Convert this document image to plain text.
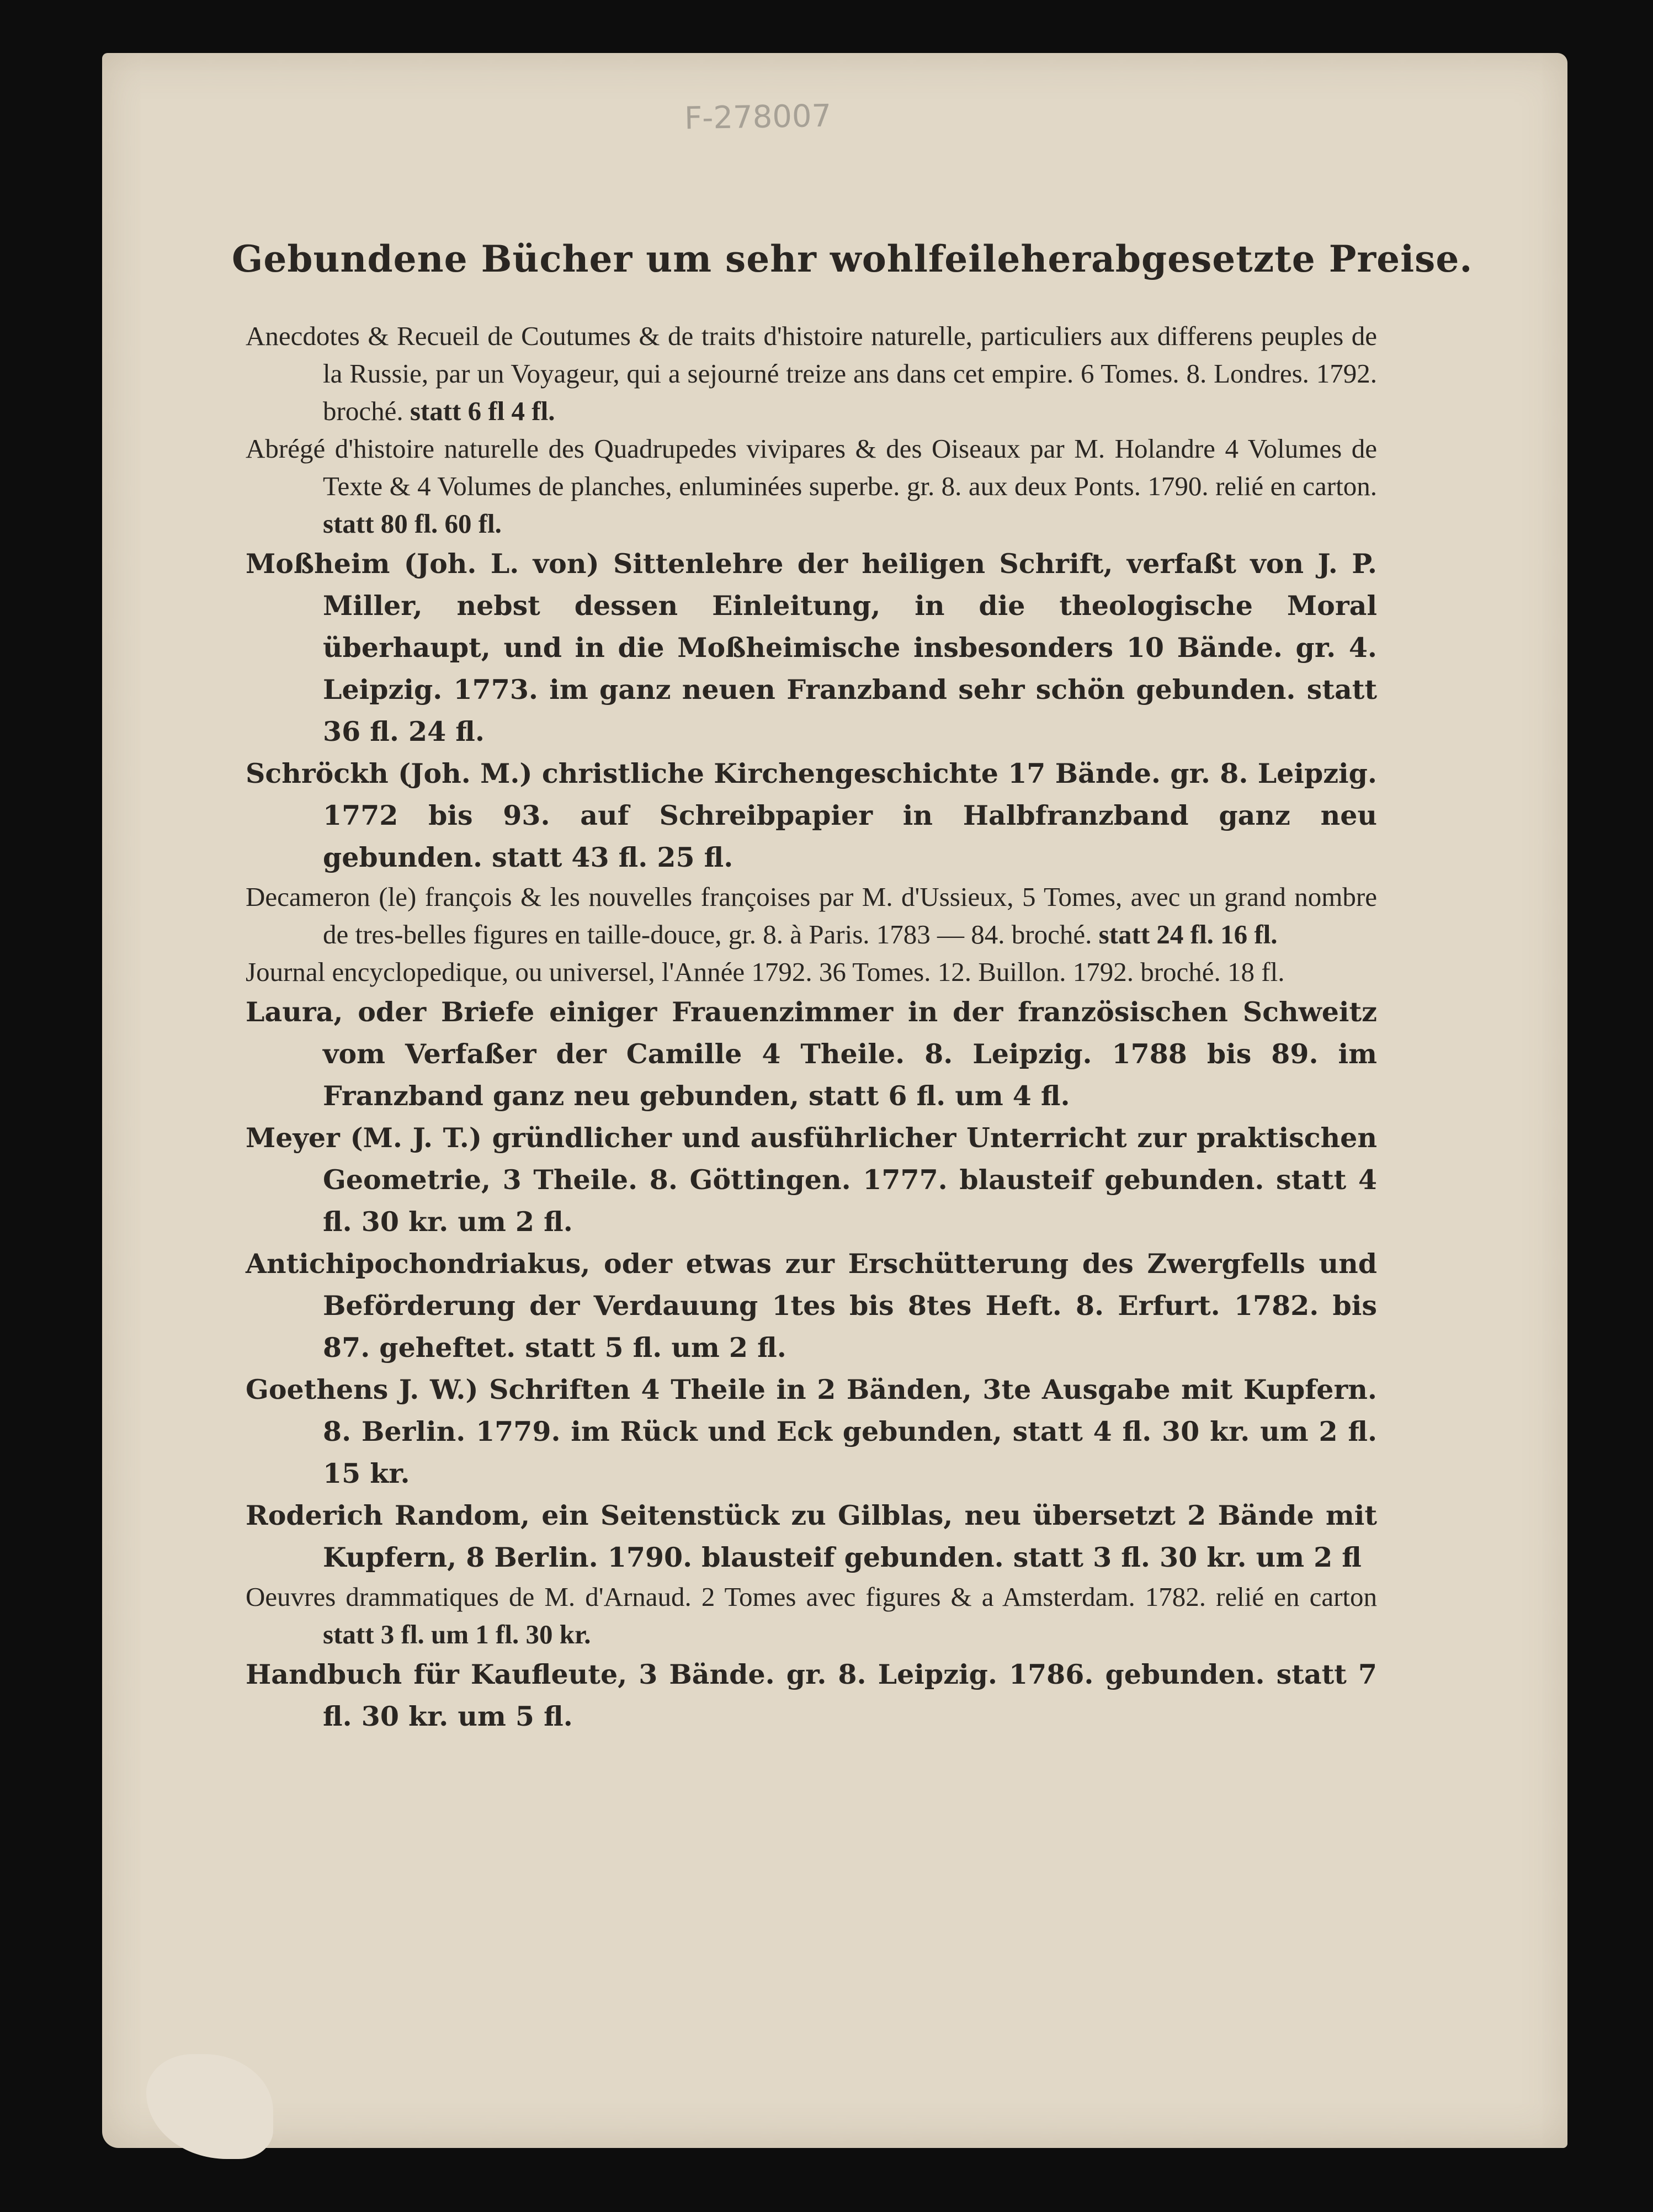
F-278007
Gebundene Bücher um sehr wohlfeileherabgesetzte Preise.

Anecdotes & Recueil de Coutumes & de traits d'histoire naturelle, particuliers aux differens peuples de la Russie, par un Voyageur, qui a sejourné treize ans dans cet empire. 6 Tomes. 8. Londres. 1792. broché. statt 6 fl 4 fl.

Abrégé d'histoire naturelle des Quadrupedes vivipares & des Oiseaux par M. Holandre 4 Volumes de Texte & 4 Volumes de planches, enluminées superbe. gr. 8. aux deux Ponts. 1790. relié en carton. statt 80 fl. 60 fl.

Moßheim (Joh. L. von) Sittenlehre der heiligen Schrift, verfaßt von J. P. Miller, nebst dessen Einleitung, in die theologische Moral überhaupt, und in die Moßheimische insbesonders 10 Bände. gr. 4. Leipzig. 1773. im ganz neuen Franzband sehr schön gebunden. statt 36 fl. 24 fl.

Schröckh (Joh. M.) christliche Kirchengeschichte 17 Bände. gr. 8. Leipzig. 1772 bis 93. auf Schreibpapier in Halbfranzband ganz neu gebunden. statt 43 fl. 25 fl.

Decameron (le) françois & les nouvelles françoises par M. d'Ussieux, 5 Tomes, avec un grand nombre de tres-belles figures en taille-douce, gr. 8. à Paris. 1783 — 84. broché. statt 24 fl. 16 fl.

Journal encyclopedique, ou universel, l'Année 1792. 36 Tomes. 12. Buillon. 1792. broché. 18 fl.

Laura, oder Briefe einiger Frauenzimmer in der französischen Schweitz vom Verfaßer der Camille 4 Theile. 8. Leipzig. 1788 bis 89. im Franzband ganz neu gebunden, statt 6 fl. um 4 fl.

Meyer (M. J. T.) gründlicher und ausführlicher Unterricht zur praktischen Geometrie, 3 Theile. 8. Göttingen. 1777. blausteif gebunden. statt 4 fl. 30 kr. um 2 fl.

Antichipochondriakus, oder etwas zur Erschütterung des Zwergfells und Beförderung der Verdauung 1tes bis 8tes Heft. 8. Erfurt. 1782. bis 87. geheftet. statt 5 fl. um 2 fl.

Goethens J. W.) Schriften 4 Theile in 2 Bänden, 3te Ausgabe mit Kupfern. 8. Berlin. 1779. im Rück und Eck gebunden, statt 4 fl. 30 kr. um 2 fl. 15 kr.

Roderich Random, ein Seitenstück zu Gilblas, neu übersetzt 2 Bände mit Kupfern, 8 Berlin. 1790. blausteif gebunden. statt 3 fl. 30 kr. um 2 fl

Oeuvres drammatiques de M. d'Arnaud. 2 Tomes avec figures & a Amsterdam. 1782. relié en carton statt 3 fl. um 1 fl. 30 kr.

Handbuch für Kaufleute, 3 Bände. gr. 8. Leipzig. 1786. gebunden. statt 7 fl. 30 kr. um 5 fl.
